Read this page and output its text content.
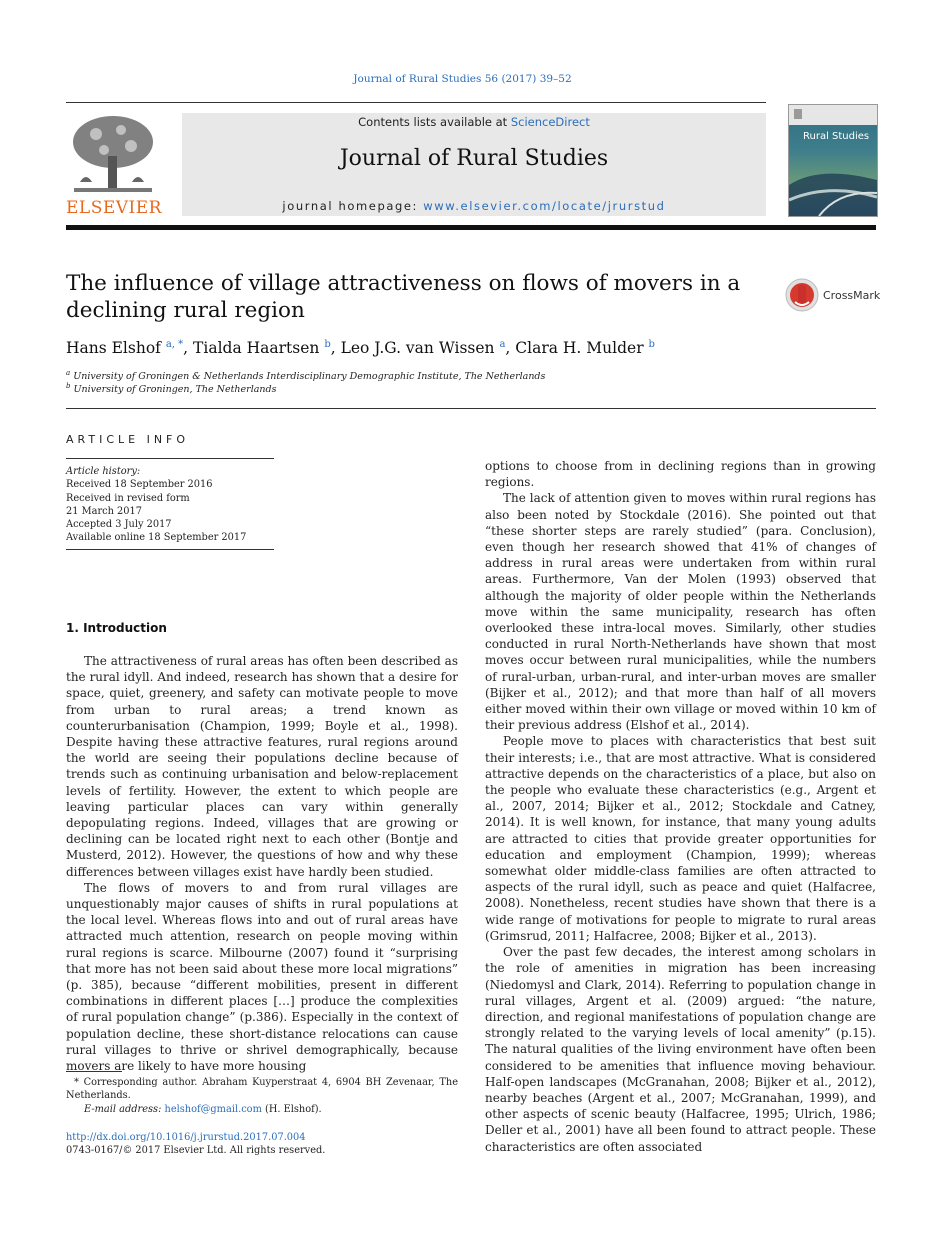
Journal of Rural Studies 56 (2017) 39–52
ELSEVIER
Contents lists available at ScienceDirect
Journal of Rural Studies
journal homepage: www.elsevier.com/locate/jrurstud
Rural Studies
The influence of village attractiveness on flows of movers in a declining rural region
CrossMark
Hans Elshof $^{a, *}$, Tialda Haartsen $^b$, Leo J.G. van Wissen $^a$, Clara H. Mulder $^b$
$^a$ University of Groningen & Netherlands Interdisciplinary Demographic Institute, The Netherlands
$^b$ University of Groningen, The Netherlands
ARTICLE INFO
Article history:
Received 18 September 2016
Received in revised form
21 March 2017
Accepted 3 July 2017
Available online 18 September 2017
1. Introduction

The attractiveness of rural areas has often been described as the rural idyll. And indeed, research has shown that a desire for space, quiet, greenery, and safety can motivate people to move from urban to rural areas; a trend known as counterurbanisation (Champion, 1999; Boyle et al., 1998). Despite having these attractive features, rural regions around the world are seeing their populations decline because of trends such as continuing urbanisation and below-replacement levels of fertility. However, the extent to which people are leaving particular places can vary within generally depopulating regions. Indeed, villages that are growing or declining can be located right next to each other (Bontje and Musterd, 2012). However, the questions of how and why these differences between villages exist have hardly been studied.

The flows of movers to and from rural villages are unquestionably major causes of shifts in rural populations at the local level. Whereas flows into and out of rural areas have attracted much attention, research on people moving within rural regions is scarce. Milbourne (2007) found it “surprising that more has not been said about these more local migrations” (p. 385), because “different mobilities, present in different combinations in different places […] produce the complexities of rural population change” (p.386). Especially in the context of population decline, these short-distance relocations can cause rural villages to thrive or shrivel demographically, because movers are likely to have more housing

options to choose from in declining regions than in growing regions.

The lack of attention given to moves within rural regions has also been noted by Stockdale (2016). She pointed out that “these shorter steps are rarely studied” (para. Conclusion), even though her research showed that 41% of changes of address in rural areas were undertaken from within rural areas. Furthermore, Van der Molen (1993) observed that although the majority of older people within the Netherlands move within the same municipality, research has often overlooked these intra-local moves. Similarly, other studies conducted in rural North-Netherlands have shown that most moves occur between rural municipalities, while the numbers of rural-urban, urban-rural, and inter-urban moves are smaller (Bijker et al., 2012); and that more than half of all movers either moved within their own village or moved within 10 km of their previous address (Elshof et al., 2014).

People move to places with characteristics that best suit their interests; i.e., that are most attractive. What is considered attractive depends on the characteristics of a place, but also on the people who evaluate these characteristics (e.g., Argent et al., 2007, 2014; Bijker et al., 2012; Stockdale and Catney, 2014). It is well known, for instance, that many young adults are attracted to cities that provide greater opportunities for education and employment (Champion, 1999); whereas somewhat older middle-class families are often attracted to aspects of the rural idyll, such as peace and quiet (Halfacree, 2008). Nonetheless, recent studies have shown that there is a wide range of motivations for people to migrate to rural areas (Grimsrud, 2011; Halfacree, 2008; Bijker et al., 2013).

Over the past few decades, the interest among scholars in the role of amenities in migration has been increasing (Niedomysl and Clark, 2014). Referring to population change in rural villages, Argent et al. (2009) argued: “the nature, direction, and regional manifestations of population change are strongly related to the varying levels of local amenity” (p.15). The natural qualities of the living environment have often been considered to be amenities that influence moving behaviour. Half-open landscapes (McGranahan, 2008; Bijker et al., 2012), nearby beaches (Argent et al., 2007; McGranahan, 1999), and other aspects of scenic beauty (Halfacree, 1995; Ulrich, 1986; Deller et al., 2001) have all been found to attract people. These characteristics are often associated

* Corresponding author. Abraham Kuyperstraat 4, 6904 BH Zevenaar, The Netherlands.
E-mail address: helshof@gmail.com (H. Elshof).
http://dx.doi.org/10.1016/j.jrurstud.2017.07.004
0743-0167/© 2017 Elsevier Ltd. All rights reserved.
